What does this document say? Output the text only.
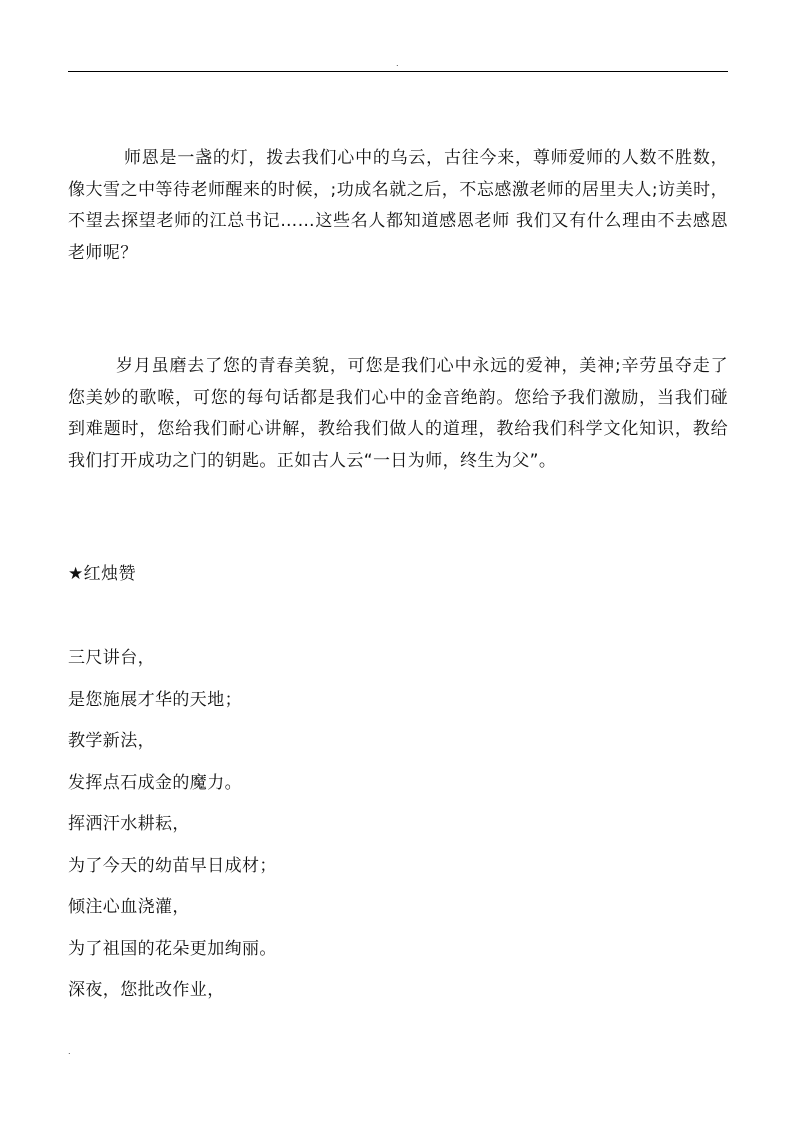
.

师恩是一盏的灯，拨去我们心中的乌云，古往今来，尊师爱师的人数不胜数，像大雪之中等待老师醒来的时候，;功成名就之后，不忘感激老师的居里夫人;访美时，不望去探望老师的江总书记……这些名人都知道感恩老师 我们又有什么理由不去感恩老师呢？

岁月虽磨去了您的青春美貌，可您是我们心中永远的爱神，美神;辛劳虽夺走了您美妙的歌喉，可您的每句话都是我们心中的金音绝韵。您给予我们激励，当我们碰到难题时，您给我们耐心讲解，教给我们做人的道理，教给我们科学文化知识，教给我们打开成功之门的钥匙。正如古人云“一日为师，终生为父”。

★红烛赞
三尺讲台，
是您施展才华的天地；
教学新法，
发挥点石成金的魔力。
挥洒汗水耕耘，
为了今天的幼苗早日成材；
倾注心血浇灌，
为了祖国的花朵更加绚丽。
深夜，您批改作业，
.
